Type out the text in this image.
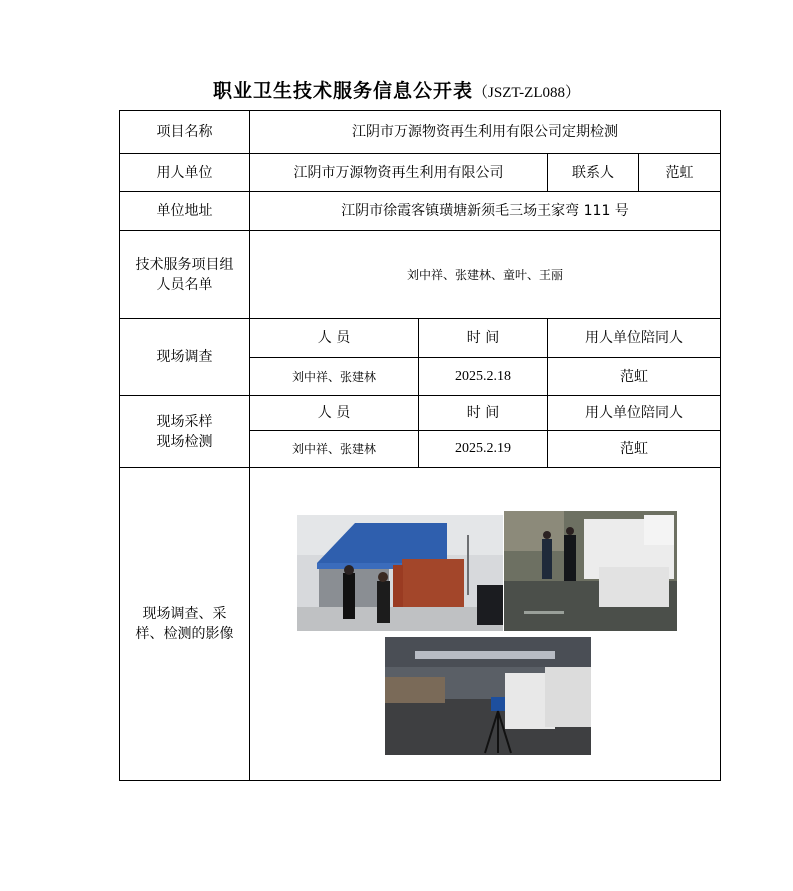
职业卫生技术服务信息公开表（JSZT-ZL088）
项目名称	江阴市万源物资再生利用有限公司定期检测			
用人单位	江阴市万源物资再生利用有限公司		联系人	范虹
单位地址	江阴市徐霞客镇璜塘新须毛三场王家弯 111 号			

技术服务项目组人员名单	刘中祥、张建林、童叶、王丽			
现场调查	人 员	时 间	用人单位陪同人	
	刘中祥、张建林	2025.2.18	范虹	

现场采样
现场检测	人 员	时 间	用人单位陪同人	
	刘中祥、张建林	2025.2.19	范虹	

现场调查、采样、检测的影像
